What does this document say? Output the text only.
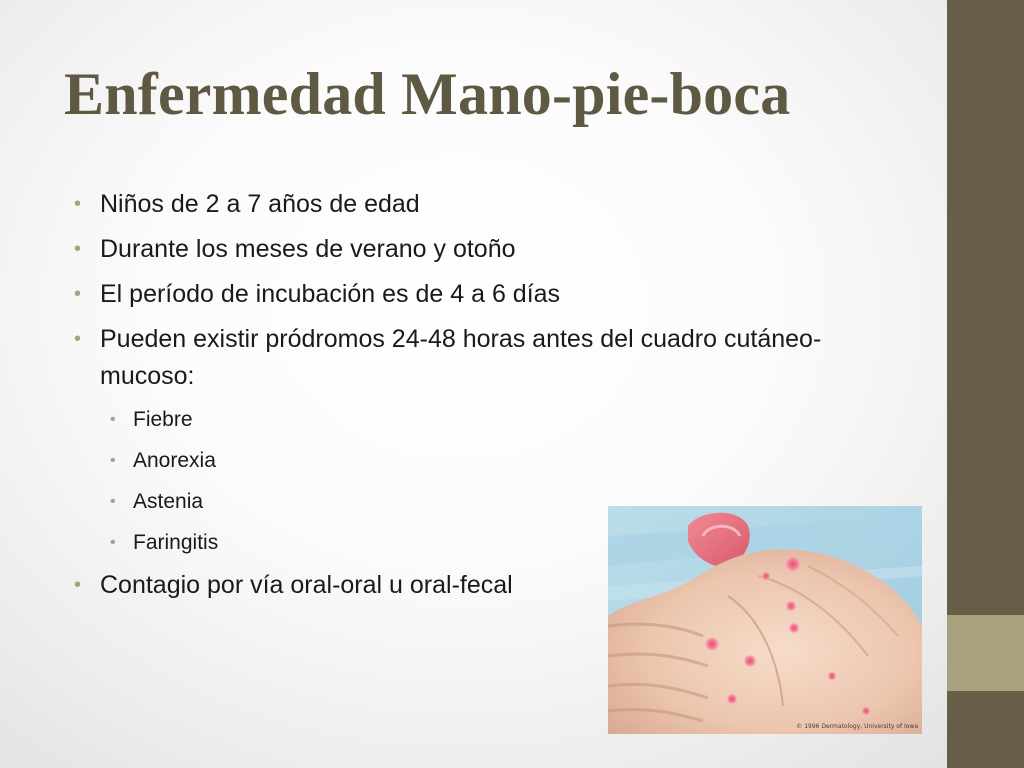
Enfermedad Mano-pie-boca
• Niños de 2 a 7 años de edad
• Durante los meses de verano y otoño
• El período de incubación es de 4 a 6 días
• Pueden existir pródromos 24-48 horas antes del cuadro cutáneo-mucoso:
• Fiebre
• Anorexia
• Astenia
• Faringitis
• Contagio por vía oral-oral u oral-fecal
© 1996 Dermatology, University of Iowa
